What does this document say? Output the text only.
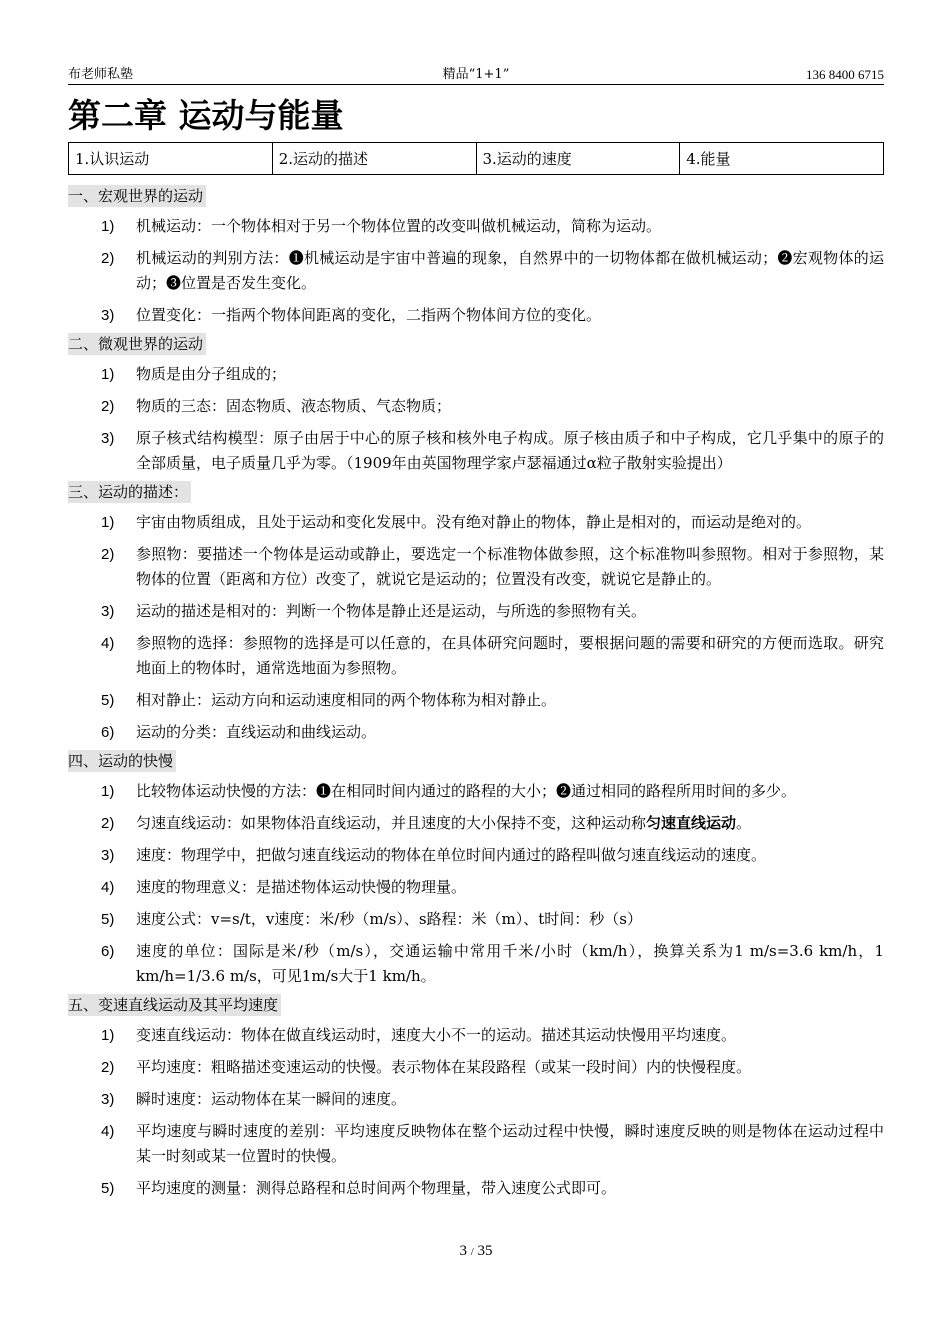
布老师私塾	精品“1+1”	136 8400 6715
第二章 运动与能量
1.认识运动	2.运动的描述	3.运动的速度	4.能量
一、宏观世界的运动
1) 机械运动：一个物体相对于另一个物体位置的改变叫做机械运动，简称为运动。
2) 机械运动的判别方法：❶机械运动是宇宙中普遍的现象，自然界中的一切物体都在做机械运动；❷宏观物体的运动；❸位置是否发生变化。
3) 位置变化：一指两个物体间距离的变化，二指两个物体间方位的变化。
二、微观世界的运动
1) 物质是由分子组成的；
2) 物质的三态：固态物质、液态物质、气态物质；
3) 原子核式结构模型：原子由居于中心的原子核和核外电子构成。原子核由质子和中子构成，它几乎集中的原子的全部质量，电子质量几乎为零。（1909年由英国物理学家卢瑟福通过α粒子散射实验提出）
三、运动的描述：
1) 宇宙由物质组成，且处于运动和变化发展中。没有绝对静止的物体，静止是相对的，而运动是绝对的。
2) 参照物：要描述一个物体是运动或静止，要选定一个标准物体做参照，这个标准物叫参照物。相对于参照物，某物体的位置（距离和方位）改变了，就说它是运动的；位置没有改变，就说它是静止的。
3) 运动的描述是相对的：判断一个物体是静止还是运动，与所选的参照物有关。
4) 参照物的选择：参照物的选择是可以任意的，在具体研究问题时，要根据问题的需要和研究的方便而选取。研究地面上的物体时，通常选地面为参照物。
5) 相对静止：运动方向和运动速度相同的两个物体称为相对静止。
6) 运动的分类：直线运动和曲线运动。
四、运动的快慢
1) 比较物体运动快慢的方法：❶在相同时间内通过的路程的大小；❷通过相同的路程所用时间的多少。
2) 匀速直线运动：如果物体沿直线运动，并且速度的大小保持不变，这种运动称匀速直线运动。
3) 速度：物理学中，把做匀速直线运动的物体在单位时间内通过的路程叫做匀速直线运动的速度。
4) 速度的物理意义：是描述物体运动快慢的物理量。
5) 速度公式：v=s/t，v速度：米/秒（m/s）、s路程：米（m）、t时间：秒（s）
6) 速度的单位：国际是米/秒（m/s），交通运输中常用千米/小时（km/h），换算关系为1 m/s=3.6 km/h，1 km/h=1/3.6 m/s，可见1m/s大于1 km/h。
五、变速直线运动及其平均速度
1) 变速直线运动：物体在做直线运动时，速度大小不一的运动。描述其运动快慢用平均速度。
2) 平均速度：粗略描述变速运动的快慢。表示物体在某段路程（或某一段时间）内的快慢程度。
3) 瞬时速度：运动物体在某一瞬间的速度。
4) 平均速度与瞬时速度的差别：平均速度反映物体在整个运动过程中快慢，瞬时速度反映的则是物体在运动过程中某一时刻或某一位置时的快慢。
5) 平均速度的测量：测得总路程和总时间两个物理量，带入速度公式即可。
3 / 35
